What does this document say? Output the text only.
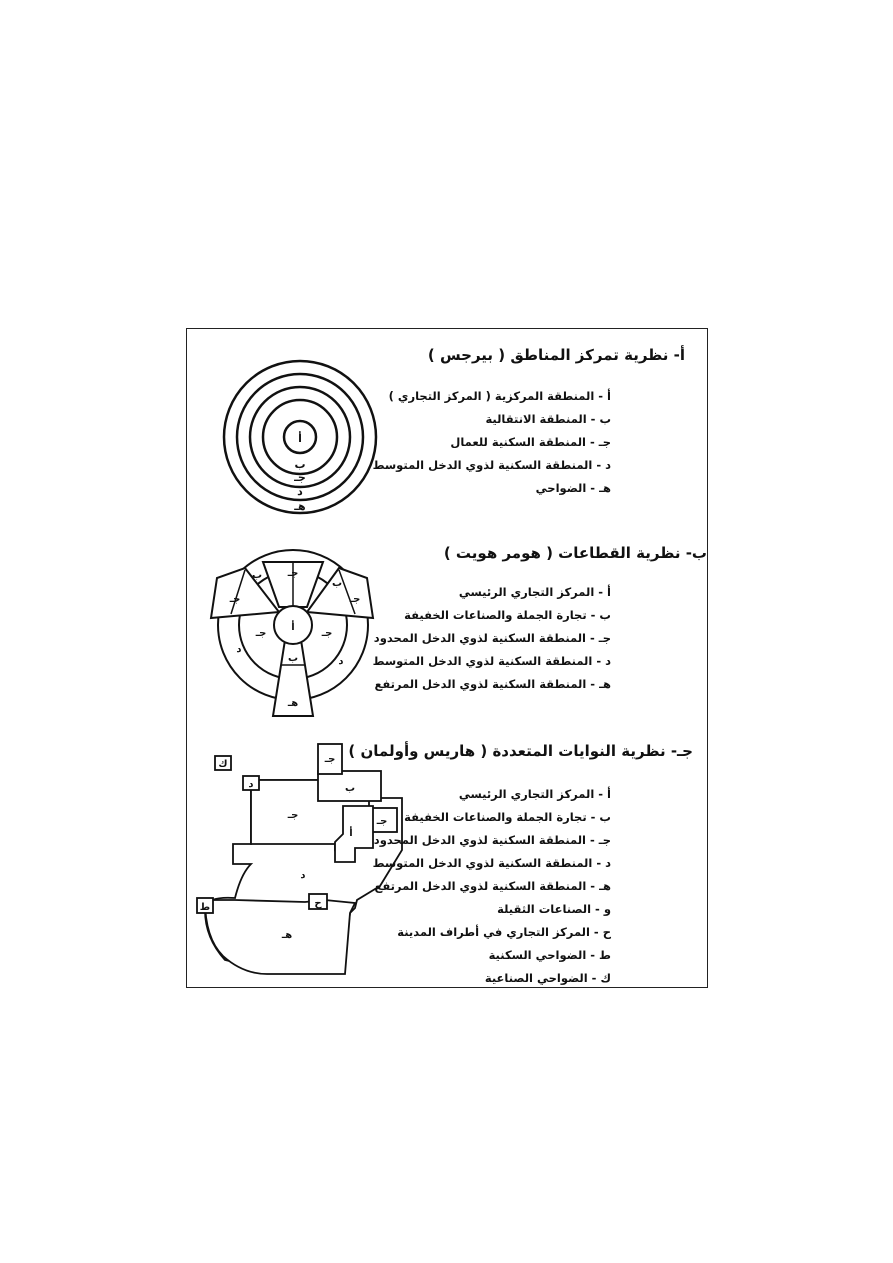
أ
ب
جـ
د
هـ
أ- نظرية تمركز المناطق ( بيرجس )
أ - المنطقة المركزية ( المركز التجاري )
ب - المنطقة الانتقالية
جـ - المنطقة السكنية للعمال
د - المنطقة السكنية لذوي الدخل المتوسط
هـ - الضواحي
أ
جـ
ب
جـ
ب
جـ
جـ	جـ
د
د
ب
هـ
ب- نظرية القطاعات ( هومر هويت )
أ - المركز التجاري الرئيسي
ب - تجارة الجملة والصناعات الخفيفة
جـ - المنطقة السكنية لذوي الدخل المحدود
د - المنطقة السكنية لذوي الدخل المتوسط
هـ - المنطقة السكنية لذوي الدخل المرتفع
جـ
ب
جـ
أ
جـ
د
د
ح
ط
ك
هـ
جـ- نظرية النوايات المتعددة ( هاريس وأولمان )
أ - المركز التجاري الرئيسي
ب - تجارة الجملة والصناعات الخفيفة
جـ - المنطقة السكنية لذوي الدخل المحدود
د - المنطقة السكنية لذوي الدخل المتوسط
هـ - المنطقة السكنية لذوي الدخل المرتفع
و - الصناعات الثقيلة
ح - المركز التجاري في أطراف المدينة
ط - الضواحي السكنية
ك - الضواحي الصناعية
